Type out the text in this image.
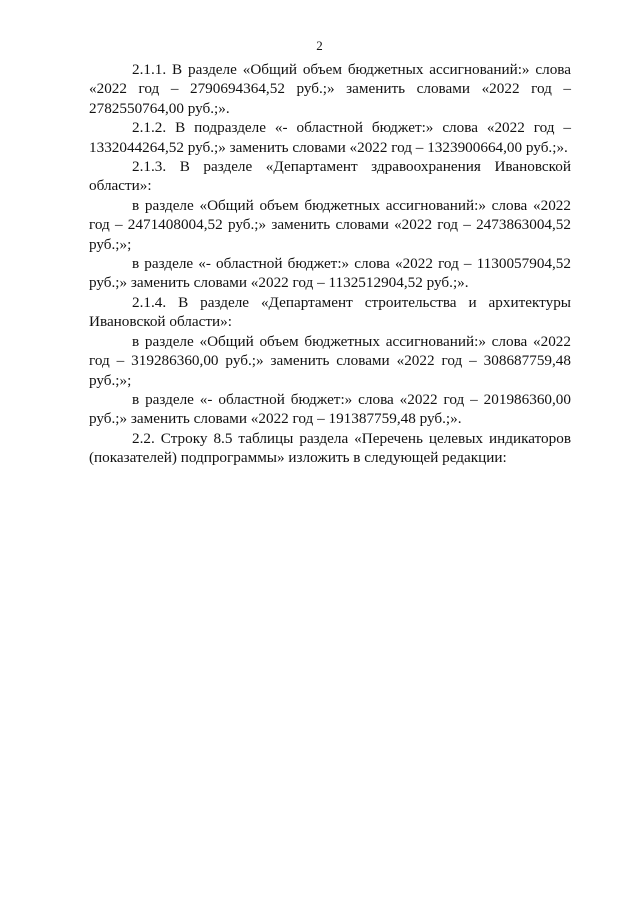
2

2.1.1. В разделе «Общий объем бюджетных ассигнований:» слова «2022 год – 2790694364,52 руб.;» заменить словами «2022 год – 2782550764,00 руб.;».

2.1.2. В подразделе «- областной бюджет:» слова «2022 год – 1332044264,52 руб.;» заменить словами «2022 год – 1323900664,00 руб.;».

2.1.3. В разделе «Департамент здравоохранения Ивановской области»:

в разделе «Общий объем бюджетных ассигнований:» слова «2022 год – 2471408004,52 руб.;» заменить словами «2022 год – 2473863004,52 руб.;»;

в разделе «- областной бюджет:» слова «2022 год – 1130057904,52 руб.;» заменить словами «2022 год – 1132512904,52 руб.;».

2.1.4. В разделе «Департамент строительства и архитектуры Ивановской области»:

в разделе «Общий объем бюджетных ассигнований:» слова «2022 год – 319286360,00 руб.;» заменить словами «2022 год – 308687759,48 руб.;»;

в разделе «- областной бюджет:» слова «2022 год – 201986360,00 руб.;» заменить словами «2022 год – 191387759,48 руб.;».

2.2. Строку 8.5 таблицы раздела «Перечень целевых индикаторов (показателей) подпрограммы» изложить в следующей редакции:
